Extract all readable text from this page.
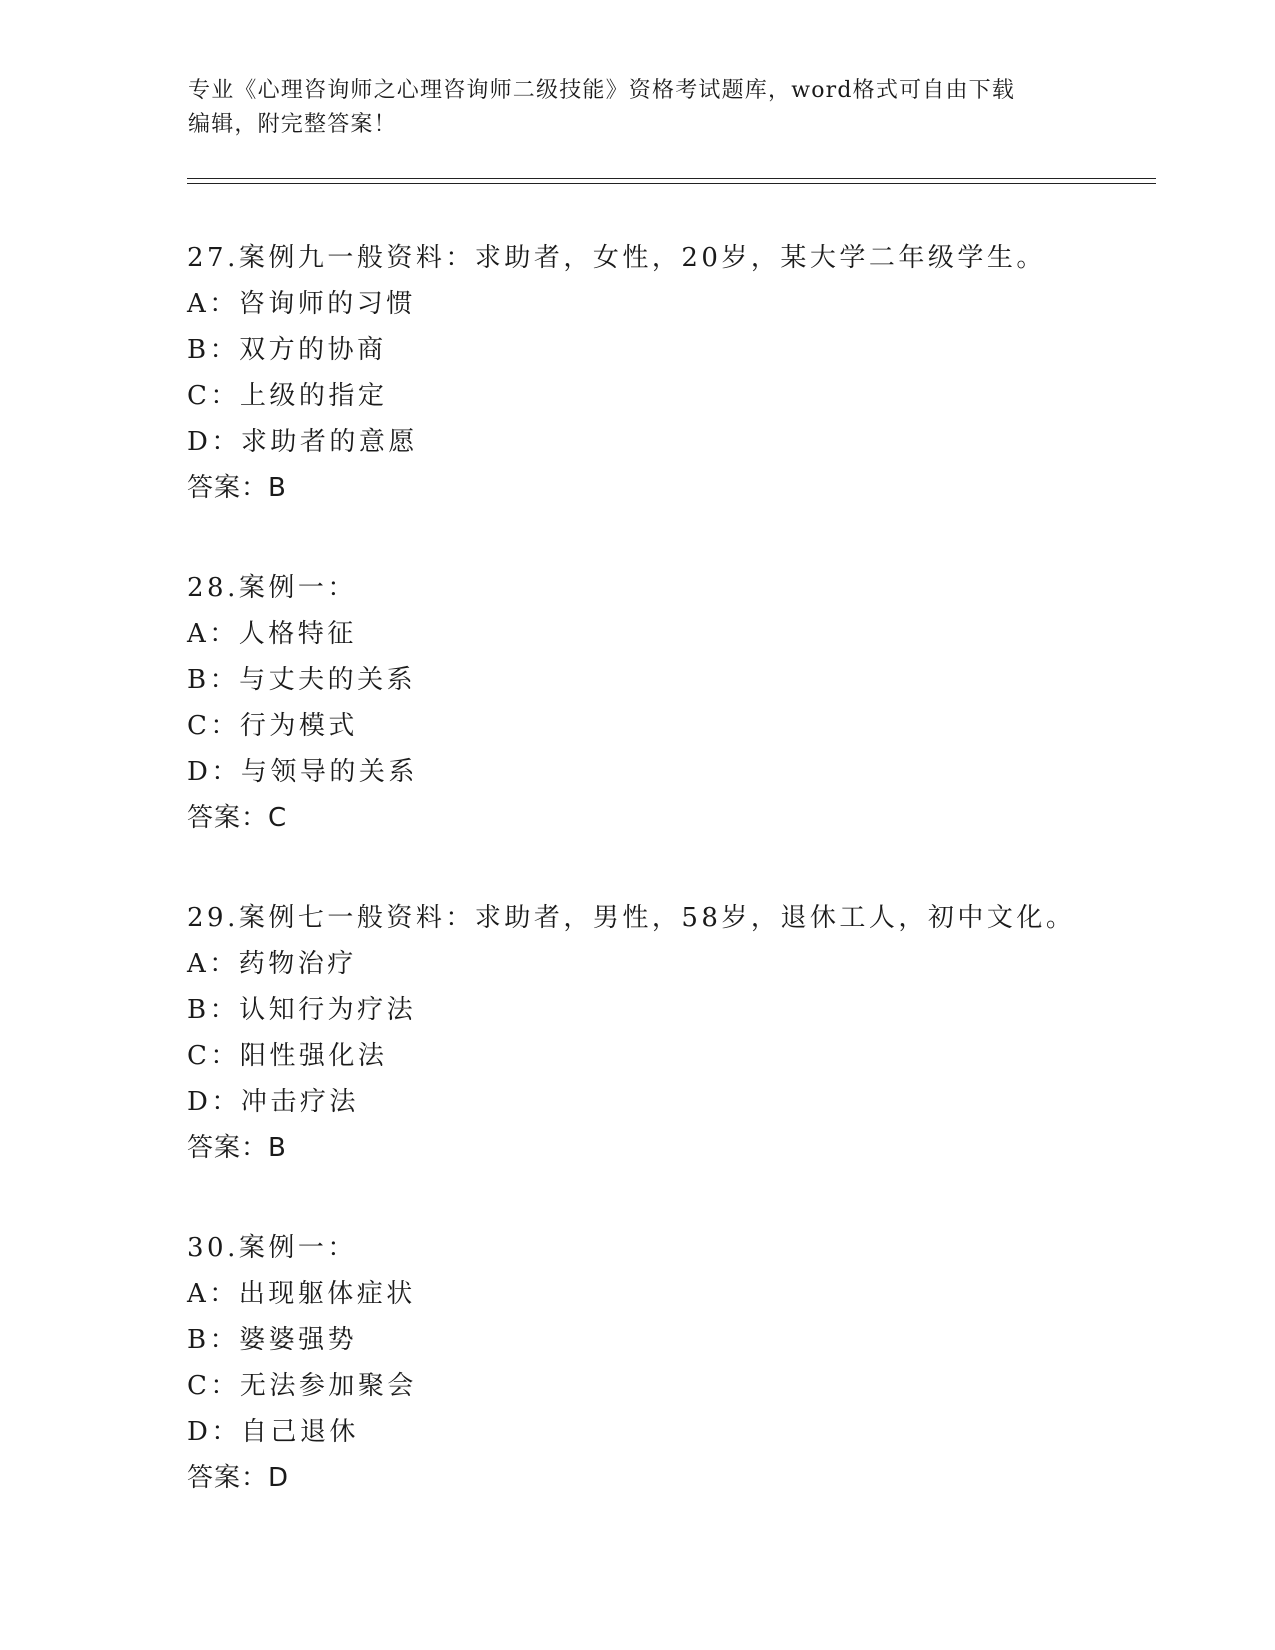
专业《心理咨询师之心理咨询师二级技能》资格考试题库，word格式可自由下载
编辑，附完整答案！
27.案例九一般资料：求助者，女性，20岁，某大学二年级学生。
A：咨询师的习惯
B：双方的协商
C：上级的指定
D：求助者的意愿
答案：B
28.案例一：
A：人格特征
B：与丈夫的关系
C：行为模式
D：与领导的关系
答案：C
29.案例七一般资料：求助者，男性，58岁，退休工人，初中文化。
A：药物治疗
B：认知行为疗法
C：阳性强化法
D：冲击疗法
答案：B
30.案例一：
A：出现躯体症状
B：婆婆强势
C：无法参加聚会
D：自己退休
答案：D
